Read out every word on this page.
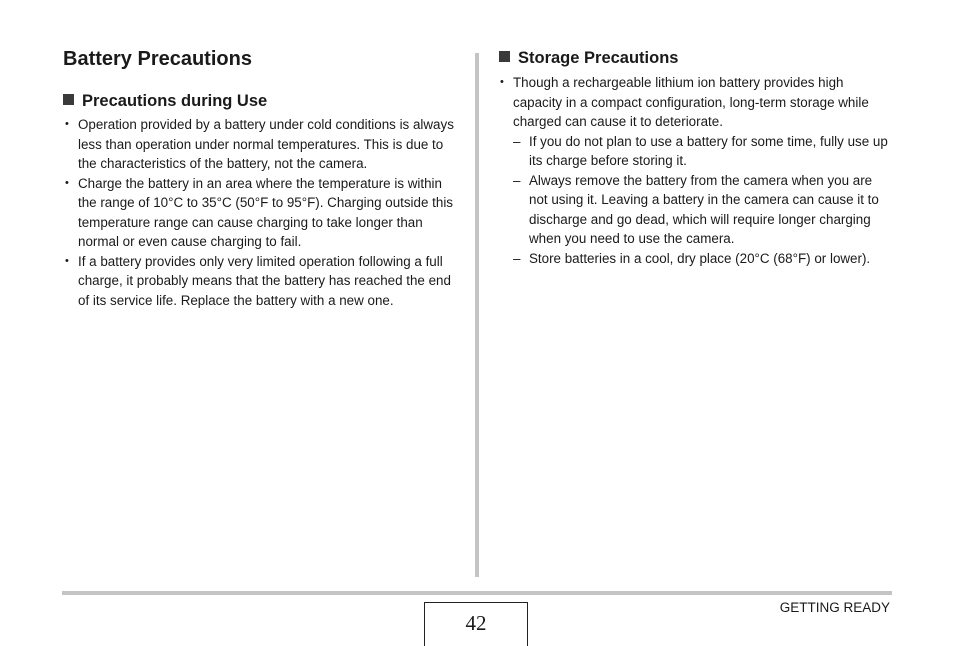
Battery Precautions
Precautions during Use
• Operation provided by a battery under cold conditions is always less than operation under normal temperatures. This is due to the characteristics of the battery, not the camera.
• Charge the battery in an area where the temperature is within the range of 10°C to 35°C (50°F to 95°F). Charging outside this temperature range can cause charging to take longer than normal or even cause charging to fail.
• If a battery provides only very limited operation following a full charge, it probably means that the battery has reached the end of its service life. Replace the battery with a new one.
Storage Precautions
• Though a rechargeable lithium ion battery provides high capacity in a compact configuration, long-term storage while charged can cause it to deteriorate.
– If you do not plan to use a battery for some time, fully use up its charge before storing it.
– Always remove the battery from the camera when you are not using it. Leaving a battery in the camera can cause it to discharge and go dead, which will require longer charging when you need to use the camera.
– Store batteries in a cool, dry place (20°C (68°F) or lower).
42
GETTING READY
